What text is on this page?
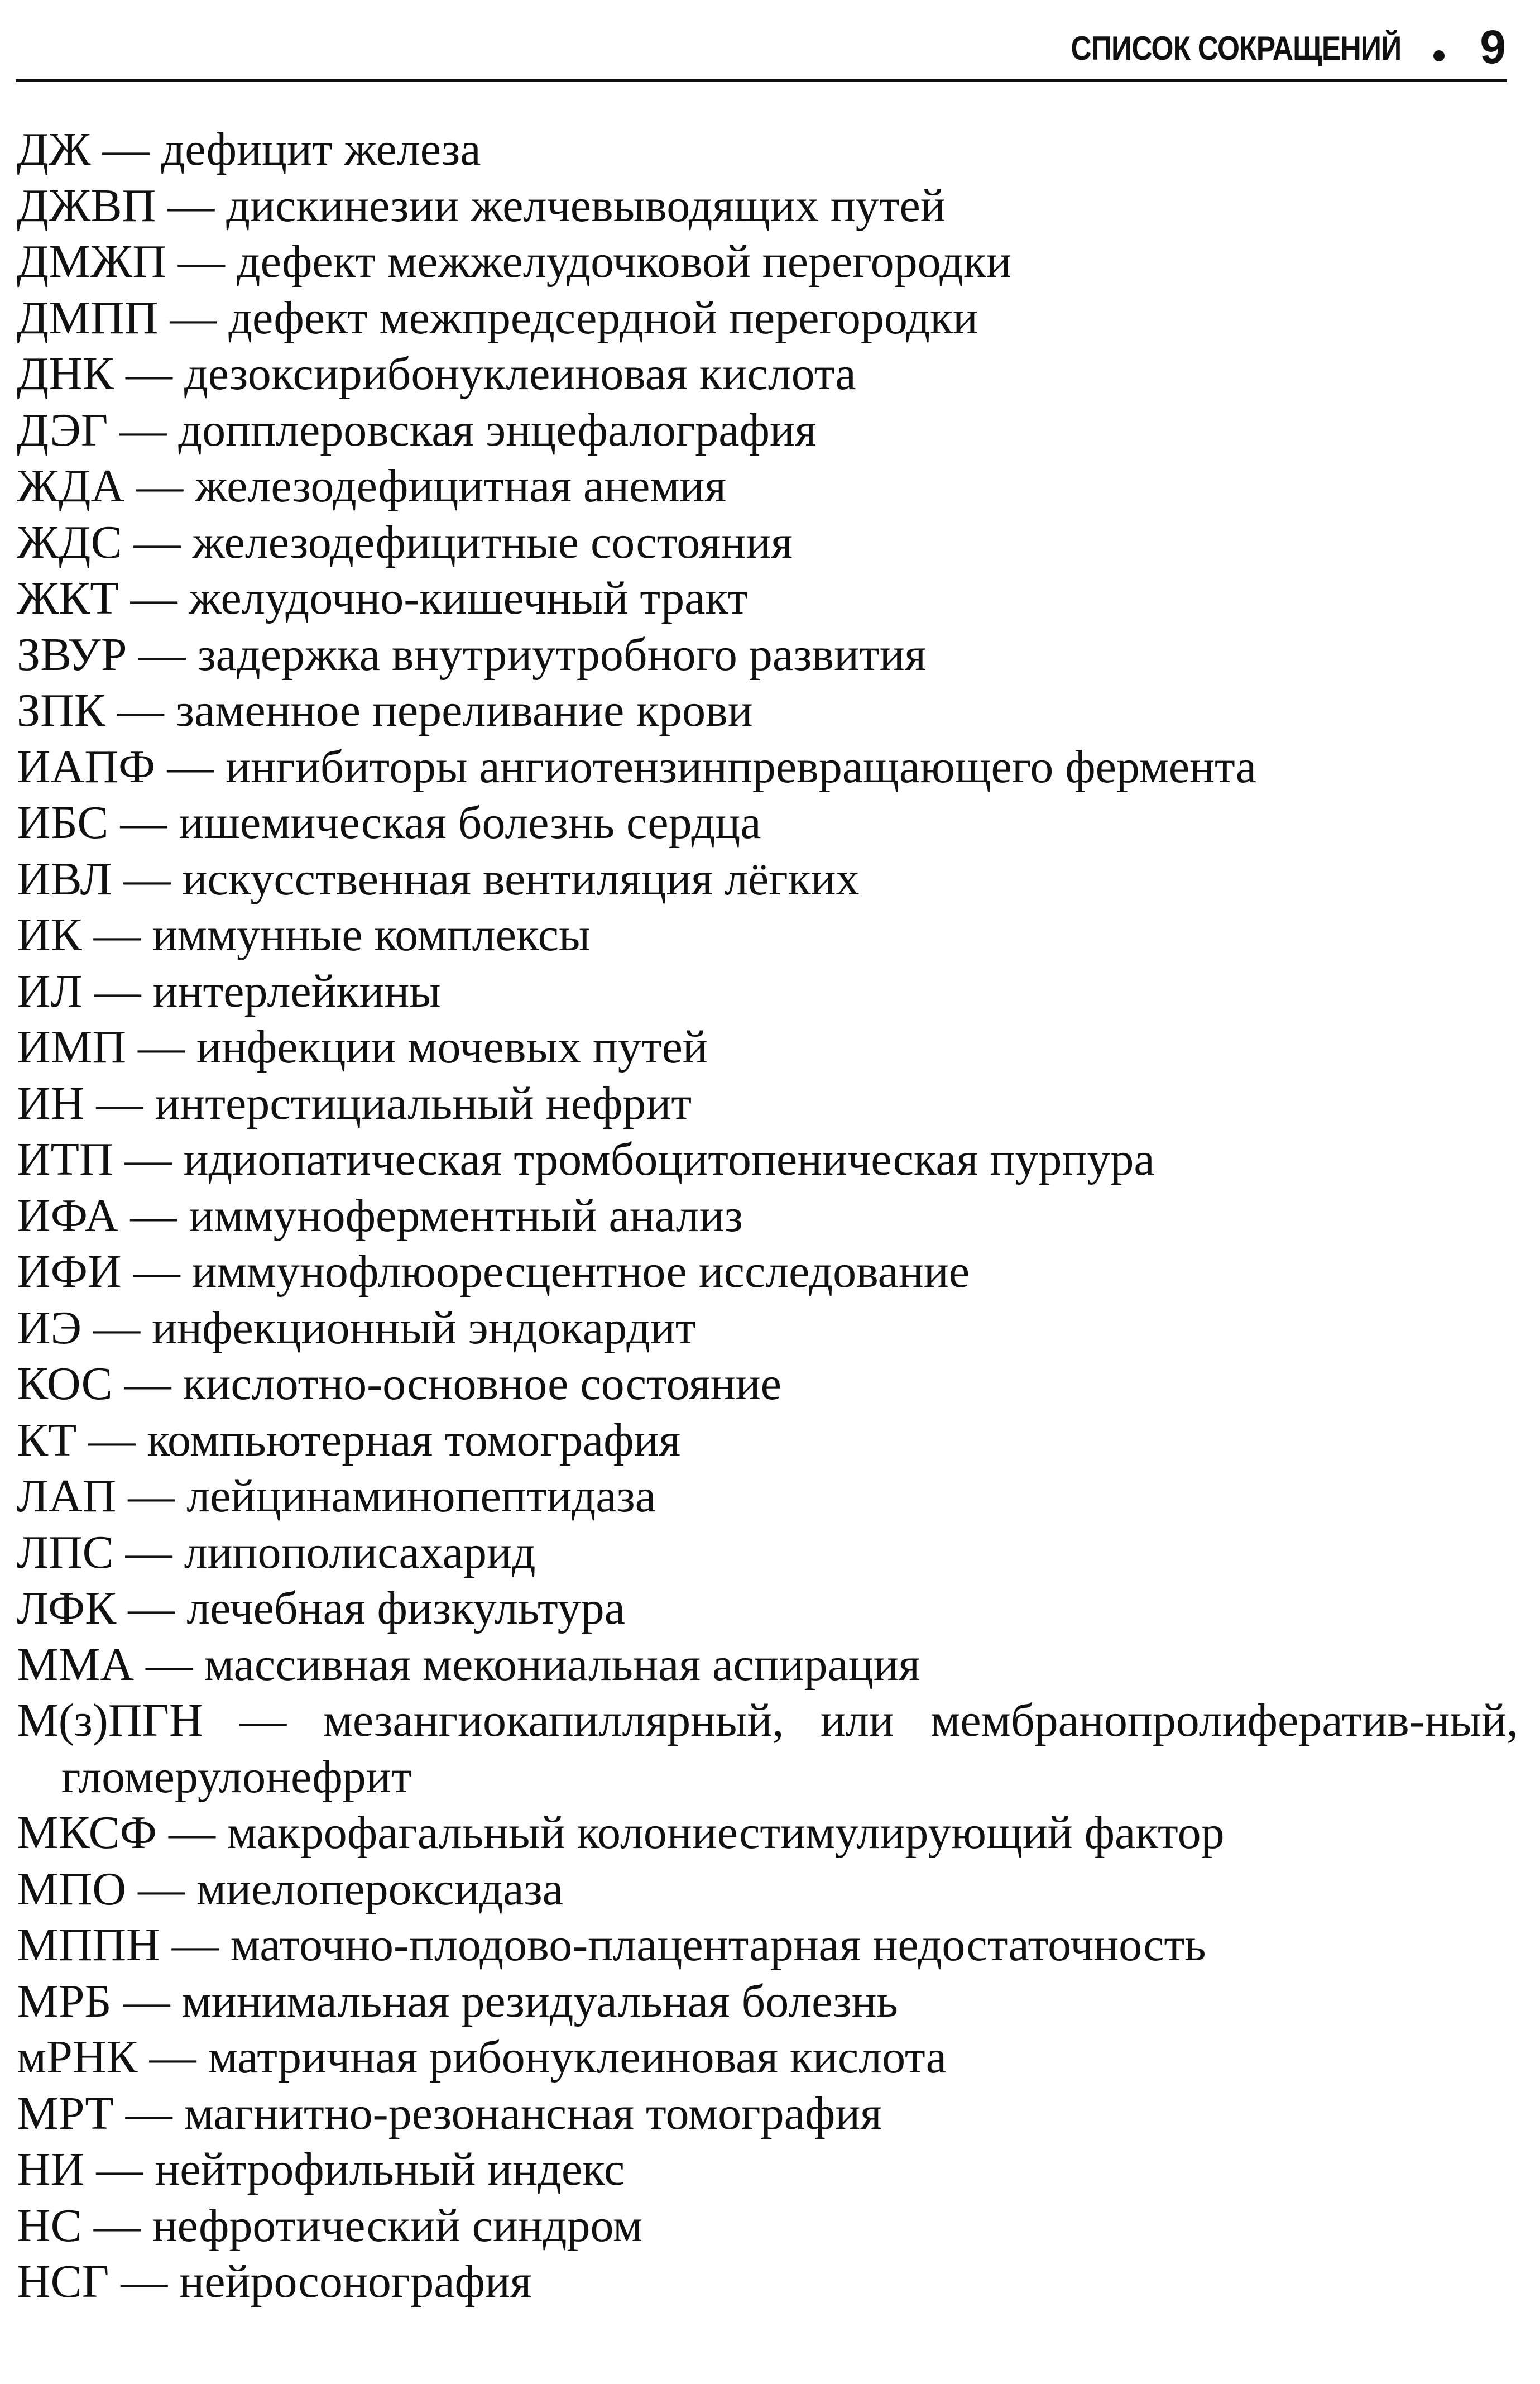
СПИСОК СОКРАЩЕНИЙ 9
ДЖ — дефицит железа
ДЖВП — дискинезии желчевыводящих путей
ДМЖП — дефект межжелудочковой перегородки
ДМПП — дефект межпредсердной перегородки
ДНК — дезоксирибонуклеиновая кислота
ДЭГ — допплеровская энцефалография
ЖДА — железодефицитная анемия
ЖДС — железодефицитные состояния
ЖКТ — желудочно-кишечный тракт
ЗВУР — задержка внутриутробного развития
ЗПК — заменное переливание крови
ИАПФ — ингибиторы ангиотензинпревращающего фермента
ИБС — ишемическая болезнь сердца
ИВЛ — искусственная вентиляция лёгких
ИК — иммунные комплексы
ИЛ — интерлейкины
ИМП — инфекции мочевых путей
ИН — интерстициальный нефрит
ИТП — идиопатическая тромбоцитопеническая пурпура
ИФА — иммуноферментный анализ
ИФИ — иммунофлюоресцентное исследование
ИЭ — инфекционный эндокардит
КОС — кислотно-основное состояние
КТ — компьютерная томография
ЛАП — лейцинаминопептидаза
ЛПС — липополисахарид
ЛФК — лечебная физкультура
ММА — массивная мекониальная аспирация
М(з)ПГН — мезангиокапиллярный, или мембранопролифератив-ный, гломерулонефрит
МКСФ — макрофагальный колониестимулирующий фактор
МПО — миелопероксидаза
МППН — маточно-плодово-плацентарная недостаточность
МРБ — минимальная резидуальная болезнь
мРНК — матричная рибонуклеиновая кислота
МРТ — магнитно-резонансная томография
НИ — нейтрофильный индекс
НС — нефротический синдром
НСГ — нейросонография
